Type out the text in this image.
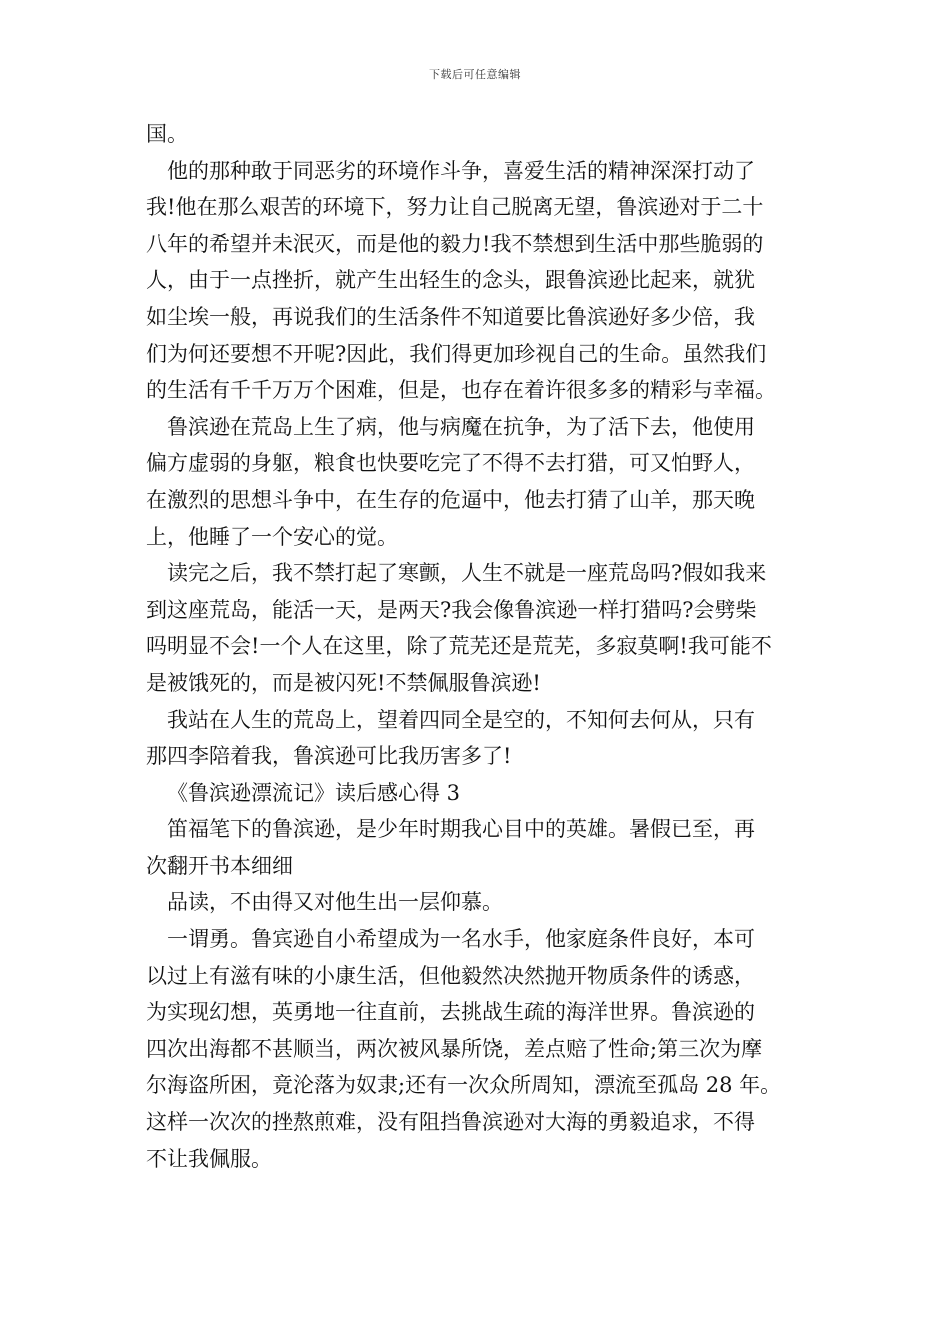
下载后可任意编辑
国。
他的那种敢于同恶劣的环境作斗争，喜爱生活的精神深深打动了
我!他在那么艰苦的环境下，努力让自己脱离无望，鲁滨逊对于二十
八年的希望并未泯灭，而是他的毅力!我不禁想到生活中那些脆弱的
人，由于一点挫折，就产生出轻生的念头，跟鲁滨逊比起来，就犹
如尘埃一般，再说我们的生活条件不知道要比鲁滨逊好多少倍，我
们为何还要想不开呢?因此，我们得更加珍视自己的生命。虽然我们
的生活有千千万万个困难，但是，也存在着许很多多的精彩与幸福。
鲁滨逊在荒岛上生了病，他与病魔在抗争，为了活下去，他使用
偏方虚弱的身躯，粮食也快要吃完了不得不去打猎，可又怕野人，
在激烈的思想斗争中，在生存的危逼中，他去打猜了山羊，那天晚
上，他睡了一个安心的觉。
读完之后，我不禁打起了寒颤，人生不就是一座荒岛吗?假如我来
到这座荒岛，能活一天，是两天?我会像鲁滨逊一样打猎吗?会劈柴
吗明显不会!一个人在这里，除了荒芜还是荒芜，多寂莫啊!我可能不
是被饿死的，而是被闪死!不禁佩服鲁滨逊!
我站在人生的荒岛上，望着四同全是空的，不知何去何从，只有
那四李陪着我，鲁滨逊可比我历害多了!
《鲁滨逊漂流记》读后感心得 3
笛福笔下的鲁滨逊，是少年时期我心目中的英雄。暑假已至，再
次翻开书本细细
品读，不由得又对他生出一层仰慕。
一谓勇。鲁宾逊自小希望成为一名水手，他家庭条件良好，本可
以过上有滋有味的小康生活，但他毅然决然抛开物质条件的诱惑，
为实现幻想，英勇地一往直前，去挑战生疏的海洋世界。鲁滨逊的
四次出海都不甚顺当，两次被风暴所饶，差点赔了性命;第三次为摩
尔海盗所困，竟沦落为奴隶;还有一次众所周知，漂流至孤岛 28 年。
这样一次次的挫熬煎难，没有阻挡鲁滨逊对大海的勇毅追求，不得
不让我佩服。
